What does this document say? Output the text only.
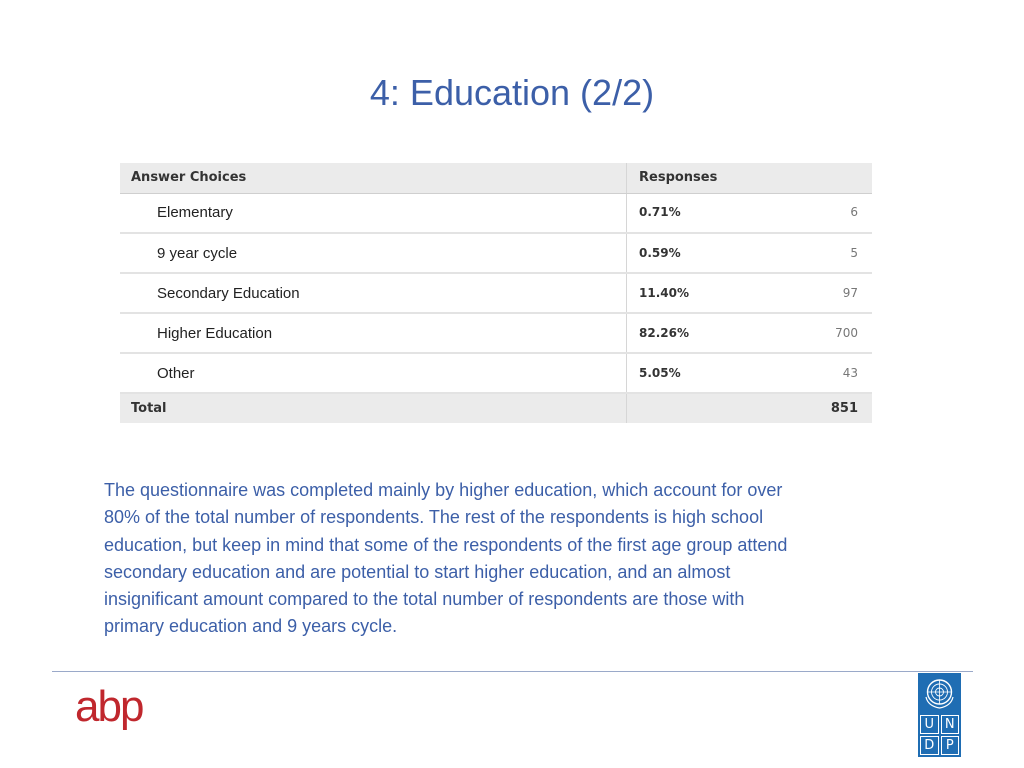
4: Education (2/2)
Answer Choices	Responses
Elementary	0.71% 6

9 year cycle	0.59% 5

Secondary Education	11.40% 97

Higher Education	82.26% 700

Other	5.05% 43

Total	851
The questionnaire was completed mainly by higher education, which account for over
80% of the total number of respondents. The rest of the respondents is high school
education, but keep in mind that some of the respondents of the first age group attend
secondary education and are potential to start higher education, and an almost
insignificant amount compared to the total number of respondents are those with
primary education and 9 years cycle.
abp	U N
D P
